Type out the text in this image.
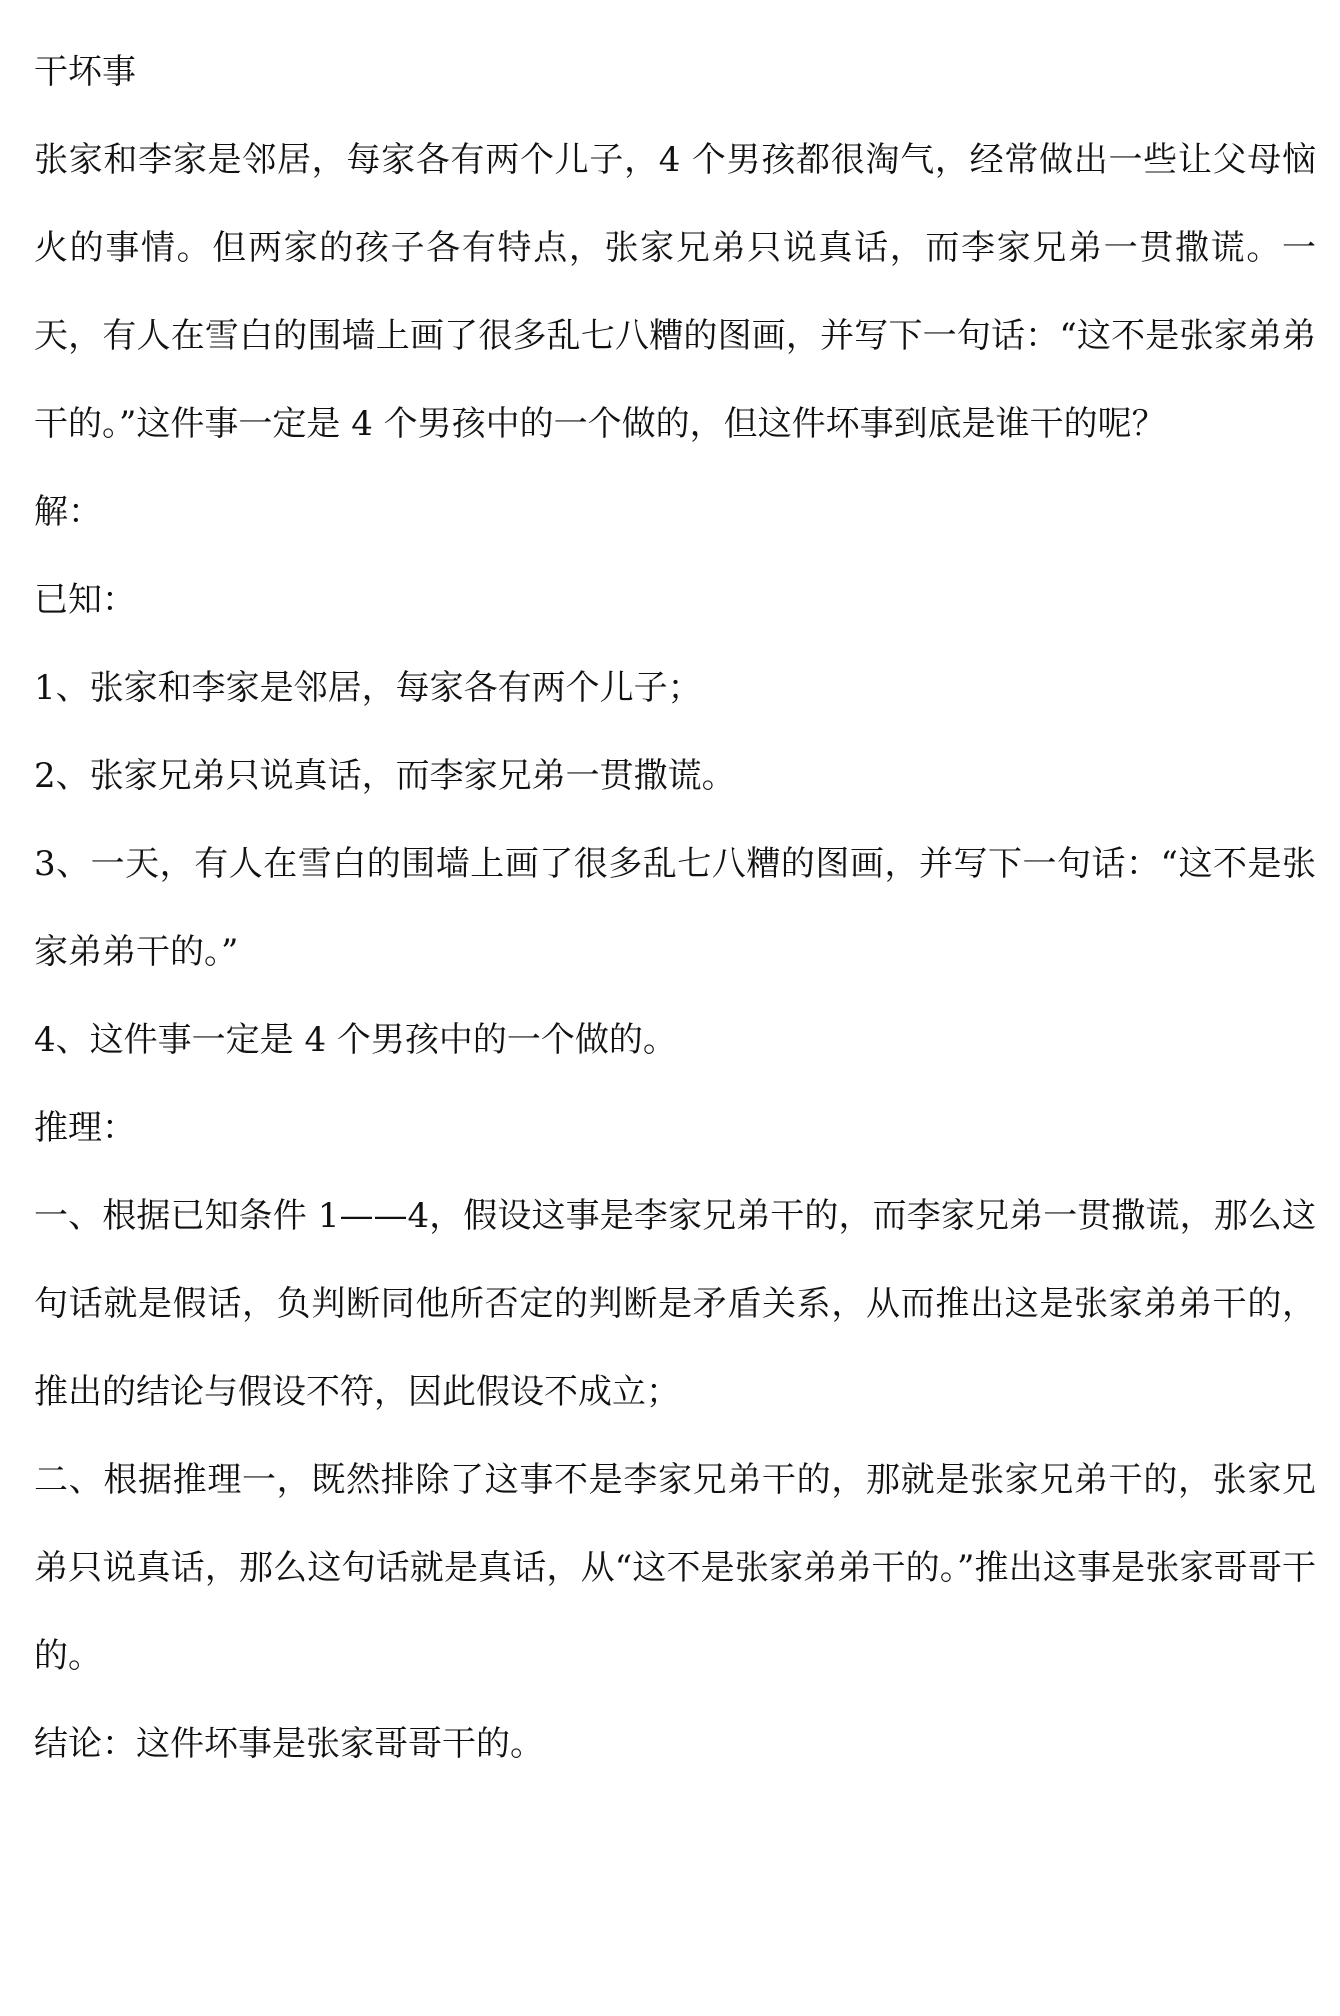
干坏事

张家和李家是邻居，每家各有两个儿子，4 个男孩都很淘气，经常做出一些让父母恼火的事情。但两家的孩子各有特点，张家兄弟只说真话，而李家兄弟一贯撒谎。一天，有人在雪白的围墙上画了很多乱七八糟的图画，并写下一句话：“这不是张家弟弟干的。”这件事一定是 4 个男孩中的一个做的，但这件坏事到底是谁干的呢？

解：

已知：

1、张家和李家是邻居，每家各有两个儿子；

2、张家兄弟只说真话，而李家兄弟一贯撒谎。

3、一天，有人在雪白的围墙上画了很多乱七八糟的图画，并写下一句话：“这不是张家弟弟干的。”

4、这件事一定是 4 个男孩中的一个做的。

推理：

一、根据已知条件 1——4，假设这事是李家兄弟干的，而李家兄弟一贯撒谎，那么这句话就是假话，负判断同他所否定的判断是矛盾关系，从而推出这是张家弟弟干的，推出的结论与假设不符，因此假设不成立；

二、根据推理一，既然排除了这事不是李家兄弟干的，那就是张家兄弟干的，张家兄弟只说真话，那么这句话就是真话，从“这不是张家弟弟干的。”推出这事是张家哥哥干的。

结论：这件坏事是张家哥哥干的。
